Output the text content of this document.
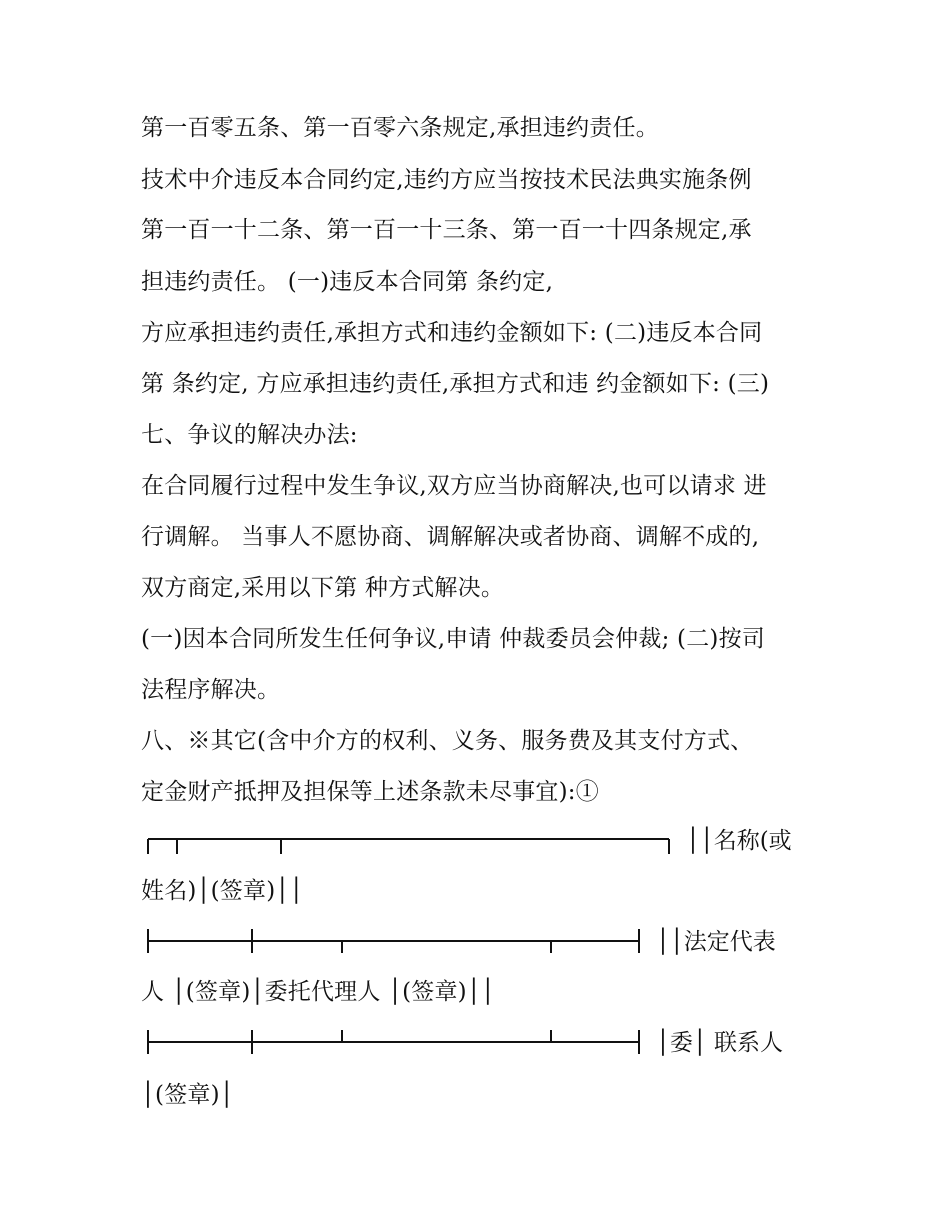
第一百零五条、第一百零六条规定,承担违约责任。

技术中介违反本合同约定,违约方应当按技术民法典实施条例

第一百一十二条、第一百一十三条、第一百一十四条规定,承

担违约责任。 (一)违反本合同第 条约定,

方应承担违约责任,承担方式和违约金额如下: (二)违反本合同

第 条约定, 方应承担违约责任,承担方式和违 约金额如下: (三)

七、争议的解决办法:

在合同履行过程中发生争议,双方应当协商解决,也可以请求 进

行调解。 当事人不愿协商、调解解决或者协商、调解不成的,

双方商定,采用以下第 种方式解决。

(一)因本合同所发生任何争议,申请 仲裁委员会仲裁; (二)按司

法程序解决。

八、※其它(含中介方的权利、义务、服务费及其支付方式、

定金财产抵押及担保等上述条款未尽事宜):①

││名称(或

姓名)│(签章)││

││法定代表

人 │(签章)│委托代理人 │(签章)││

│委│ 联系人

│(签章)│
